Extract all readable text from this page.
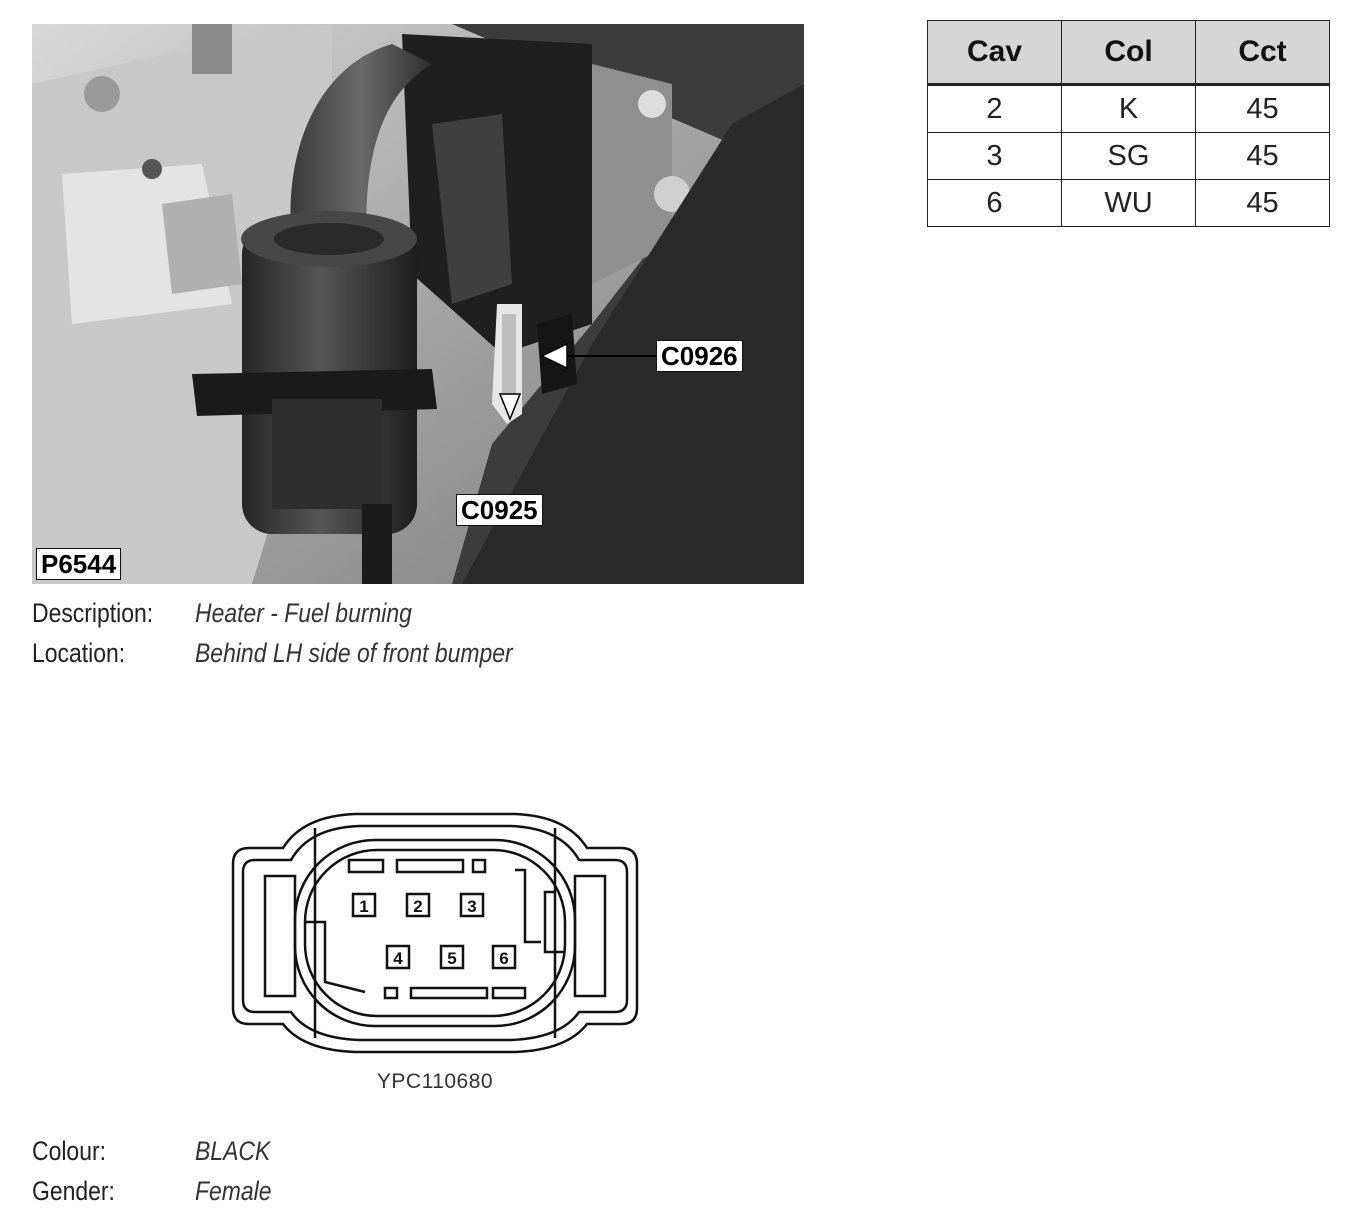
C0926
C0925
P6544
Description: Heater - Fuel burning
Location:	Behind LH side of front bumper
Cav	Col	Cct
2	K	45
3	SG	45
6	WU	45
1	2	3
4	5	6
YPC110680
Colour:	BLACK
Gender:	Female
